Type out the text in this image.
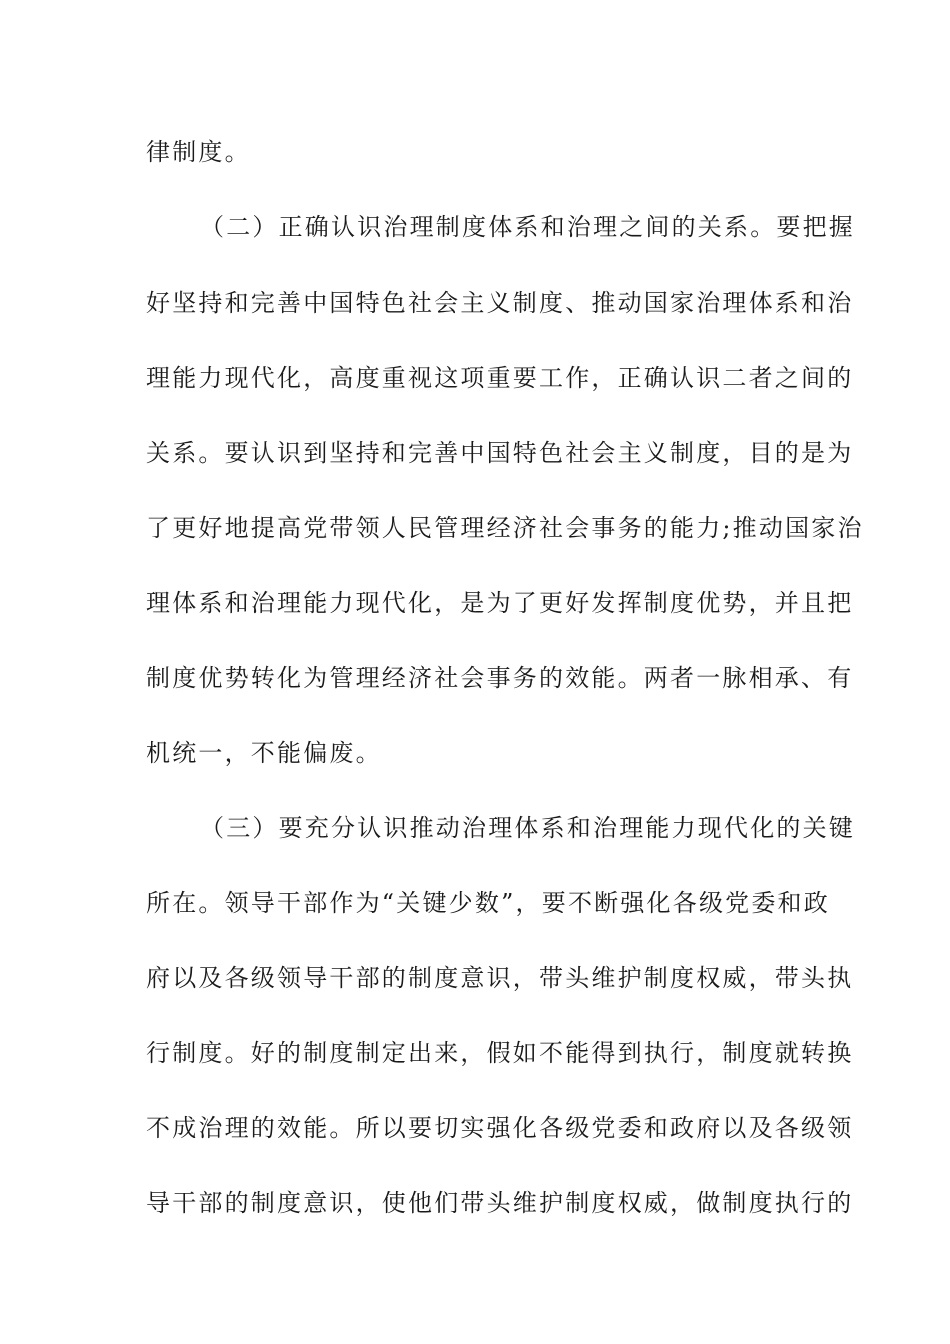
律制度。
（二）正确认识治理制度体系和治理之间的关系。要把握
好坚持和完善中国特色社会主义制度、推动国家治理体系和治
理能力现代化，高度重视这项重要工作，正确认识二者之间的
关系。要认识到坚持和完善中国特色社会主义制度，目的是为
了更好地提高党带领人民管理经济社会事务的能力;推动国家治
理体系和治理能力现代化，是为了更好发挥制度优势，并且把
制度优势转化为管理经济社会事务的效能。两者一脉相承、有
机统一，不能偏废。
（三）要充分认识推动治理体系和治理能力现代化的关键
所在。领导干部作为“关键少数”，要不断强化各级党委和政
府以及各级领导干部的制度意识，带头维护制度权威，带头执
行制度。好的制度制定出来，假如不能得到执行，制度就转换
不成治理的效能。所以要切实强化各级党委和政府以及各级领
导干部的制度意识，使他们带头维护制度权威，做制度执行的
